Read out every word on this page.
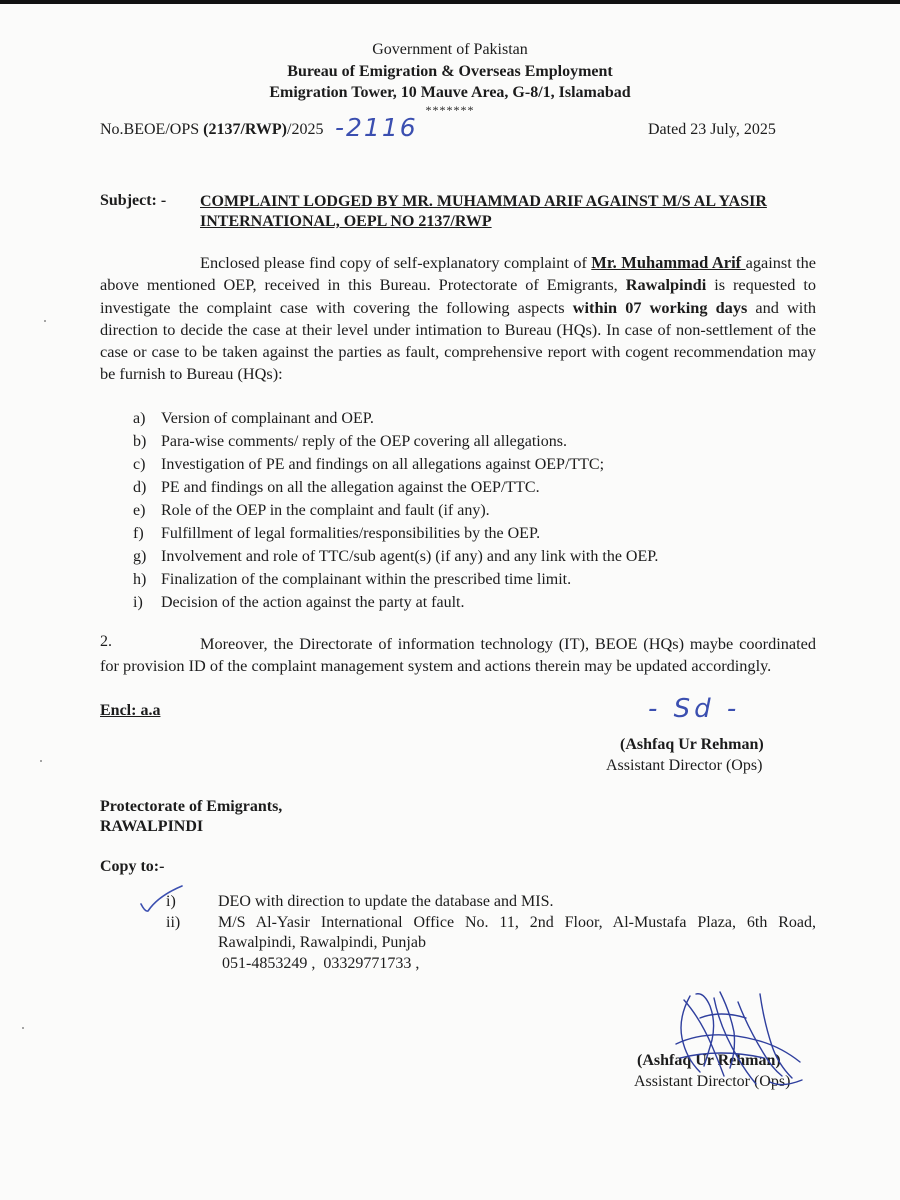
Government of Pakistan
Bureau of Emigration & Overseas Employment
Emigration Tower, 10 Mauve Area, G-8/1, Islamabad
*******
No.BEOE/OPS (2137/RWP)/2025 -2116	Dated 23 July, 2025
Subject: - COMPLAINT LODGED BY MR. MUHAMMAD ARIF AGAINST M/S AL YASIR
INTERNATIONAL, OEPL NO 2137/RWP
Enclosed please find copy of self-explanatory complaint of Mr. Muhammad Arif against the above mentioned OEP, received in this Bureau. Protectorate of Emigrants, Rawalpindi is requested to investigate the complaint case with covering the following aspects within 07 working days and with direction to decide the case at their level under intimation to Bureau (HQs). In case of non-settlement of the case or case to be taken against the parties as fault, comprehensive report with cogent recommendation may be furnish to Bureau (HQs):
a) Version of complainant and OEP.
b) Para-wise comments/ reply of the OEP covering all allegations.
c) Investigation of PE and findings on all allegations against OEP/TTC;
d) PE and findings on all the allegation against the OEP/TTC.
e) Role of the OEP in the complaint and fault (if any).
f) Fulfillment of legal formalities/responsibilities by the OEP.
g) Involvement and role of TTC/sub agent(s) (if any) and any link with the OEP.
h) Finalization of the complainant within the prescribed time limit.
i) Decision of the action against the party at fault.
2.	Moreover, the Directorate of information technology (IT), BEOE (HQs) maybe coordinated for provision ID of the complaint management system and actions therein may be updated accordingly.
Encl: a.a	- Sd -
(Ashfaq Ur Rehman)
Assistant Director (Ops)
Protectorate of Emigrants,
RAWALPINDI
Copy to:-
i)	DEO with direction to update the database and MIS.
ii) M/S Al-Yasir International Office No. 11, 2nd Floor, Al-Mustafa Plaza, 6th Road,
Rawalpindi, Rawalpindi, Punjab
051-4853249 ,  03329771733 ,
(Ashfaq Ur Rehman)
Assistant Director (Ops)
